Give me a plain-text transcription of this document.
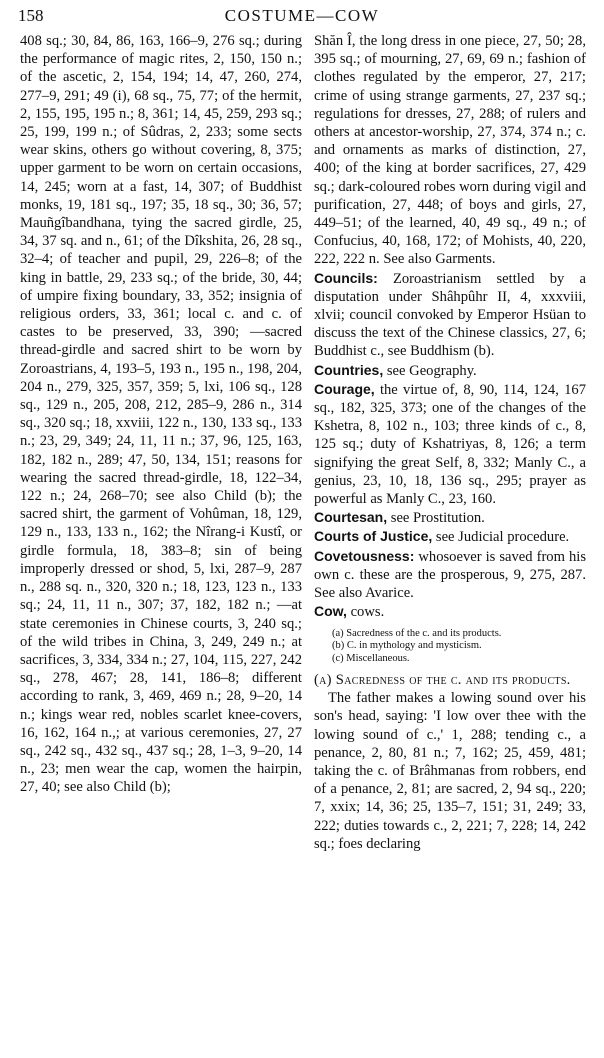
158	COSTUME—COW

408 sq.; 30, 84, 86, 163, 166–9, 276 sq.; during the performance of magic rites, 2, 150, 150 n.; of the ascetic, 2, 154, 194; 14, 47, 260, 274, 277–9, 291; 49 (i), 68 sq., 75, 77; of the hermit, 2, 155, 195, 195 n.; 8, 361; 14, 45, 259, 293 sq.; 25, 199, 199 n.; of Sûdras, 2, 233; some sects wear skins, others go without covering, 8, 375; upper garment to be worn on certain occasions, 14, 245; worn at a fast, 14, 307; of Buddhist monks, 19, 181 sq., 197; 35, 18 sq., 30; 36, 57; Mauñgîbandhana, tying the sacred girdle, 25, 34, 37 sq. and n., 61; of the Dîkshita, 26, 28 sq., 32–4; of teacher and pupil, 29, 226–8; of the king in battle, 29, 233 sq.; of the bride, 30, 44; of umpire fixing boundary, 33, 352; insignia of religious orders, 33, 361; local c. and c. of castes to be preserved, 33, 390; —sacred thread-girdle and sacred shirt to be worn by Zoroastrians, 4, 193–5, 193 n., 195 n., 198, 204, 204 n., 279, 325, 357, 359; 5, lxi, 106 sq., 128 sq., 129 n., 205, 208, 212, 285–9, 286 n., 314 sq., 320 sq.; 18, xxviii, 122 n., 130, 133 sq., 133 n.; 23, 29, 349; 24, 11, 11 n.; 37, 96, 125, 163, 182, 182 n., 289; 47, 50, 134, 151; reasons for wearing the sacred thread-girdle, 18, 122–34, 122 n.; 24, 268–70; see also Child (b); the sacred shirt, the garment of Vohûman, 18, 129, 129 n., 133, 133 n., 162; the Nîrang-i Kustî, or girdle formula, 18, 383–8; sin of being improperly dressed or shod, 5, lxi, 287–9, 287 n., 288 sq. n., 320, 320 n.; 18, 123, 123 n., 133 sq.; 24, 11, 11 n., 307; 37, 182, 182 n.; —at state ceremonies in Chinese courts, 3, 240 sq.; of the wild tribes in China, 3, 249, 249 n.; at sacrifices, 3, 334, 334 n.; 27, 104, 115, 227, 242 sq., 278, 467; 28, 141, 186–8; different according to rank, 3, 469, 469 n.; 28, 9–20, 14 n.; kings wear red, nobles scarlet knee-covers, 16, 162, 164 n.,; at various ceremonies, 27, 27 sq., 242 sq., 432 sq., 437 sq.; 28, 1–3, 9–20, 14 n., 23; men wear the cap, women the hairpin, 27, 40; see also Child (b);

Shăn Î, the long dress in one piece, 27, 50; 28, 395 sq.; of mourning, 27, 69, 69 n.; fashion of clothes regulated by the emperor, 27, 217; crime of using strange garments, 27, 237 sq.; regulations for dresses, 27, 288; of rulers and others at ancestor-worship, 27, 374, 374 n.; c. and ornaments as marks of distinction, 27, 400; of the king at border sacrifices, 27, 429 sq.; dark-coloured robes worn during vigil and purification, 27, 448; of boys and girls, 27, 449–51; of the learned, 40, 49 sq., 49 n.; of Confucius, 40, 168, 172; of Mohists, 40, 220, 222, 222 n. See also Garments.

Councils: Zoroastrianism settled by a disputation under Shâhpûhr II, 4, xxxviii, xlvii; council convoked by Emperor Hsüan to discuss the text of the Chinese classics, 27, 6; Buddhist c., see Buddhism (b).

Countries, see Geography.

Courage, the virtue of, 8, 90, 114, 124, 167 sq., 182, 325, 373; one of the changes of the Kshetra, 8, 102 n., 103; three kinds of c., 8, 125 sq.; duty of Kshatriyas, 8, 126; a term signifying the great Self, 8, 332; Manly C., a genius, 23, 10, 18, 136 sq., 295; prayer as powerful as Manly C., 23, 160.

Courtesan, see Prostitution.

Courts of Justice, see Judicial procedure.

Covetousness: whosoever is saved from his own c. these are the prosperous, 9, 275, 287. See also Avarice.

Cow, cows.

(a) Sacredness of the c. and its products.
(b) C. in mythology and mysticism.
(c) Miscellaneous.

(a) Sacredness of the c. and its products.

The father makes a lowing sound over his son's head, saying: 'I low over thee with the lowing sound of c.,' 1, 288; tending c., a penance, 2, 80, 81 n.; 7, 162; 25, 459, 481; taking the c. of Brâhmanas from robbers, end of a penance, 2, 81; are sacred, 2, 94 sq., 220; 7, xxix; 14, 36; 25, 135–7, 151; 31, 249; 33, 222; duties towards c., 2, 221; 7, 228; 14, 242 sq.; foes declaring
